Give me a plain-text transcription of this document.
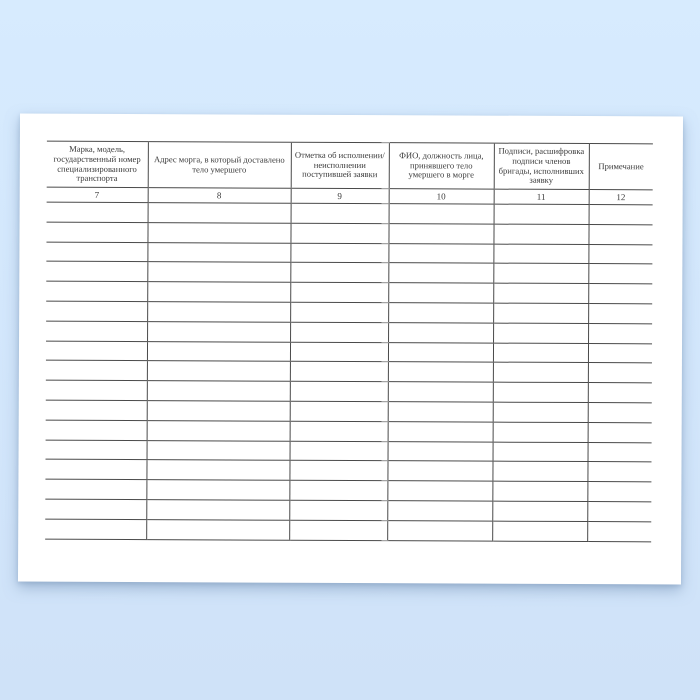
Марка, модель, государственный номер специализированного транспорта	Адрес морга, в который доставлено тело умершего	Отметка об исполнении/ неисполнении поступившей заявки	ФИО, должность лица, принявшего тело умершего в морге	Подписи, расшифровка подписи членов бригады, исполнивших заявку	Примечание
7	8	9	10	11	12
